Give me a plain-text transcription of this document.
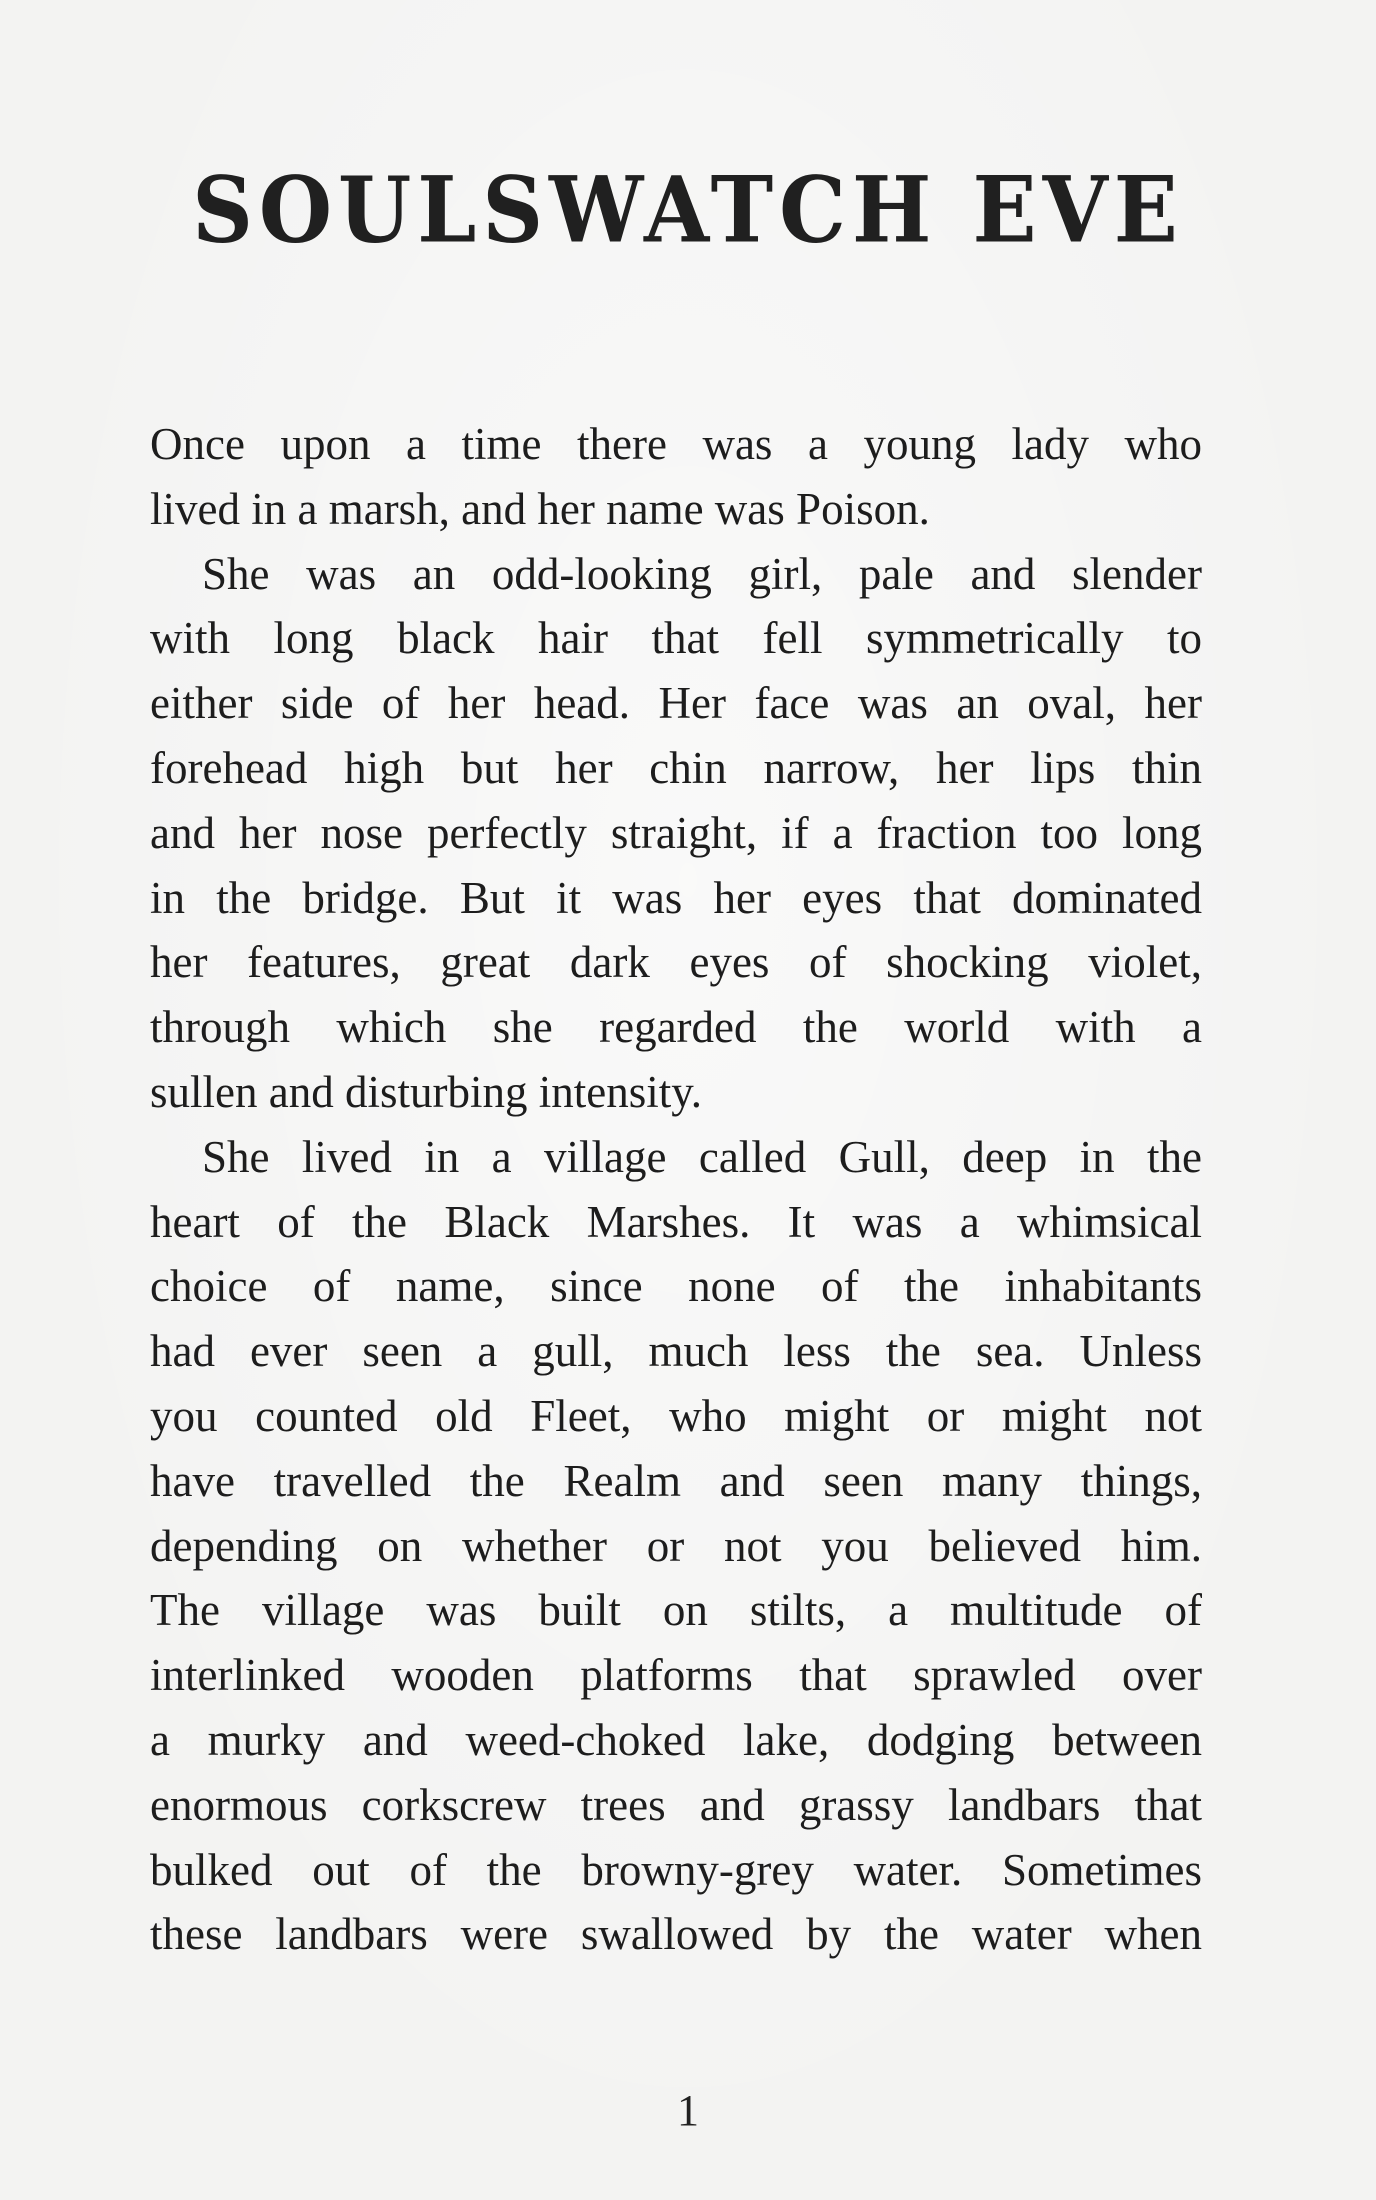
SOULSWATCH EVE
Once upon a time there was a young lady who
lived in a marsh, and her name was Poison.
She was an odd-looking girl, pale and slender
with long black hair that fell symmetrically to
either side of her head. Her face was an oval, her
forehead high but her chin narrow, her lips thin
and her nose perfectly straight, if a fraction too long
in the bridge. But it was her eyes that dominated
her features, great dark eyes of shocking violet,
through which she regarded the world with a
sullen and disturbing intensity.
She lived in a village called Gull, deep in the
heart of the Black Marshes. It was a whimsical
choice of name, since none of the inhabitants
had ever seen a gull, much less the sea. Unless
you counted old Fleet, who might or might not
have travelled the Realm and seen many things,
depending on whether or not you believed him.
The village was built on stilts, a multitude of
interlinked wooden platforms that sprawled over
a murky and weed-choked lake, dodging between
enormous corkscrew trees and grassy landbars that
bulked out of the browny-grey water. Sometimes
these landbars were swallowed by the water when
1
